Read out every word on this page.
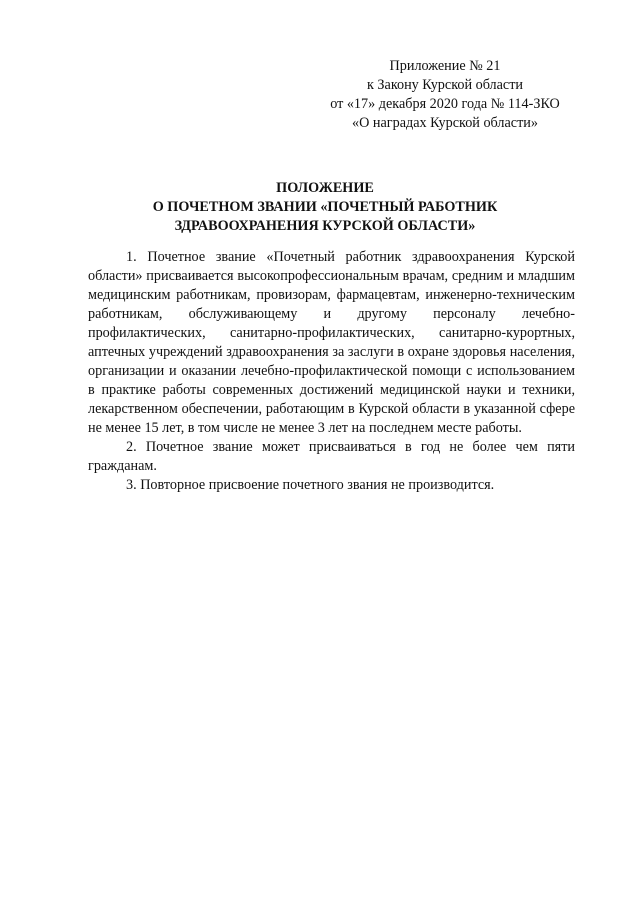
Приложение № 21
к Закону Курской области
от «17» декабря 2020 года № 114-ЗКО
«О наградах Курской области»
ПОЛОЖЕНИЕ
О ПОЧЕТНОМ ЗВАНИИ «ПОЧЕТНЫЙ РАБОТНИК
ЗДРАВООХРАНЕНИЯ КУРСКОЙ ОБЛАСТИ»

1. Почетное звание «Почетный работник здравоохранения Курской области» присваивается высокопрофессиональным врачам, средним и младшим медицинским работникам, провизорам, фармацевтам, инженерно-техническим работникам, обслуживающему и другому персоналу лечебно-профилактических, санитарно-профилактических, санитарно-курортных, аптечных учреждений здравоохранения за заслуги в охране здоровья населения, организации и оказании лечебно-профилактической помощи с использованием в практике работы современных достижений медицинской науки и техники, лекарственном обеспечении, работающим в Курской области в указанной сфере не менее 15 лет, в том числе не менее 3 лет на последнем месте работы.

2. Почетное звание может присваиваться в год не более чем пяти гражданам.

3. Повторное присвоение почетного звания не производится.
